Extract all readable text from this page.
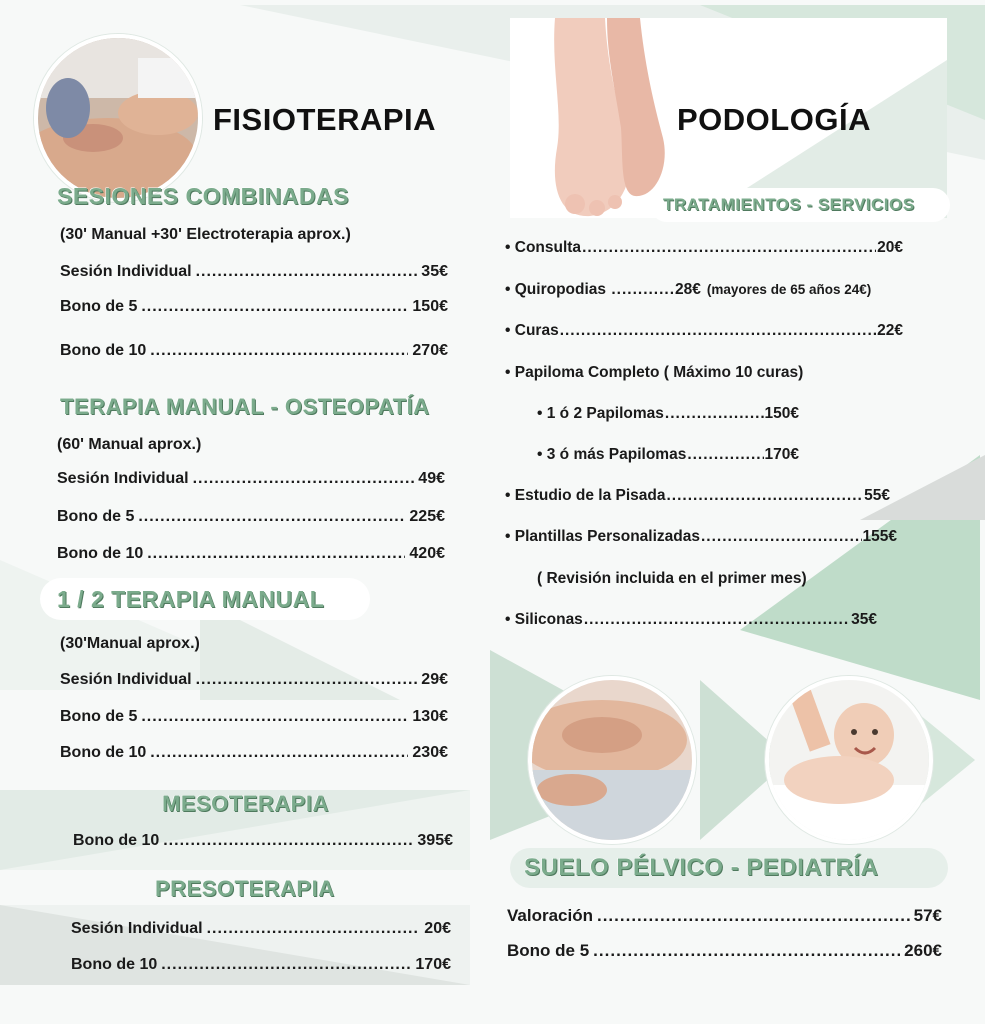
FISIOTERAPIA
SESIONES COMBINADAS
(30' Manual +30' Electroterapia aprox.)
Sesión Individual .....	35€
Bono de 5 .....	150€
Bono de 10 .....	270€
TERAPIA MANUAL - OSTEOPATÍA
(60' Manual aprox.)
Sesión Individual .....	49€
Bono de 5 .....	225€
Bono de 10 .....	420€
1 / 2 TERAPIA MANUAL
(30'Manual aprox.)
Sesión Individual .....	29€
Bono de 5 .....	130€
Bono de 10 .....	230€
MESOTERAPIA
Bono de 10 .....	395€
PRESOTERAPIA
Sesión Individual .....	20€
Bono de 10 .....	170€
PODOLOGÍA
TRATAMIENTOS - SERVICIOS
•
Consulta .....	20€
•
Quiropodias ............ 28€ (mayores de 65 años 24€)
•
Curas .....	22€
•
Papiloma Completo ( Máximo 10 curas)
•
1 ó 2 Papilomas .....	150€
•
3 ó más Papilomas .....	170€
•
Estudio de la Pisada .....	55€
•
Plantillas Personalizadas .....	155€
( Revisión incluida en el primer mes)
•
Siliconas .....	35€
SUELO PÉLVICO - PEDIATRÍA
Valoración .....	57€
Bono de 5 .....	260€
